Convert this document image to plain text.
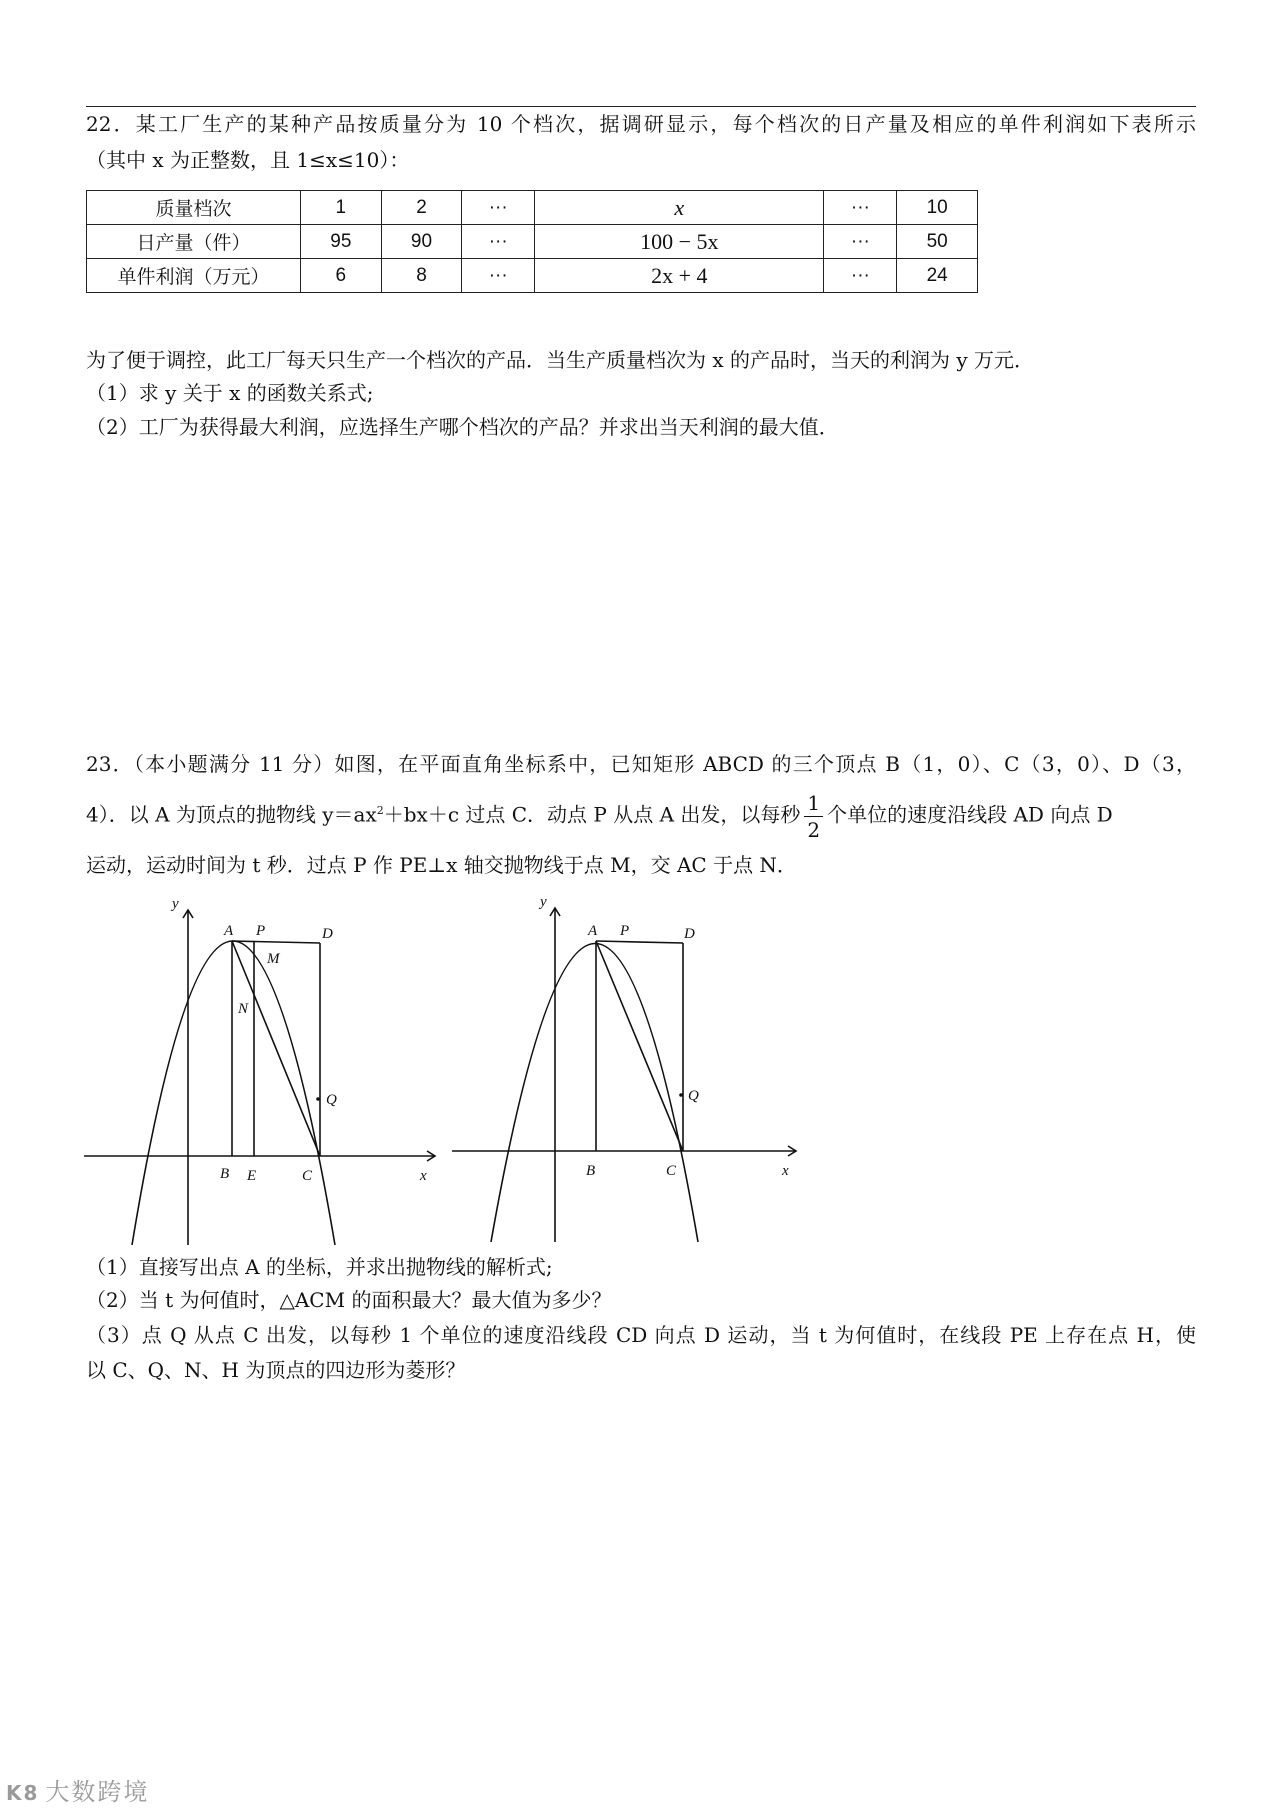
22．某工厂生产的某种产品按质量分为 10 个档次，据调研显示，每个档次的日产量及相应的单件利润如下表所示
（其中 x 为正整数，且 1≤x≤10）：
质量档次	1	2	···	x	···	10
日产量（件）	95	90	···	100 − 5x	···	50
单件利润（万元）	6	8	···	2x + 4	···	24
为了便于调控，此工厂每天只生产一个档次的产品．当生产质量档次为 x 的产品时，当天的利润为 y 万元．
（1）求 y 关于 x 的函数关系式;
（2）工厂为获得最大利润，应选择生产哪个档次的产品？并求出当天利润的最大值．
23．（本小题满分 11 分）如图，在平面直角坐标系中，已知矩形 ABCD 的三个顶点 B（1，0）、C（3，0）、D（3，
4）．以 A 为顶点的抛物线 $y=ax^2+bx+c$ 过点 C．动点 P 从点 A 出发，以每秒 $\frac{1}{2}$ 个单位的速度沿线段 AD 向点 D
运动，运动时间为 t 秒．过点 P 作 PE⊥x 轴交抛物线于点 M，交 AC 于点 N．
y
A P	D
M
N
Q
B E	C	x
y
A P	D
Q
B	C	x
（1）直接写出点 A 的坐标，并求出抛物线的解析式;
（2）当 t 为何值时，△ACM 的面积最大？最大值为多少？
（3）点 Q 从点 C 出发，以每秒 1 个单位的速度沿线段 CD 向点 D 运动，当 t 为何值时，在线段 PE 上存在点 H，使
以 C、Q、N、H 为顶点的四边形为菱形？
K8 大数跨境
